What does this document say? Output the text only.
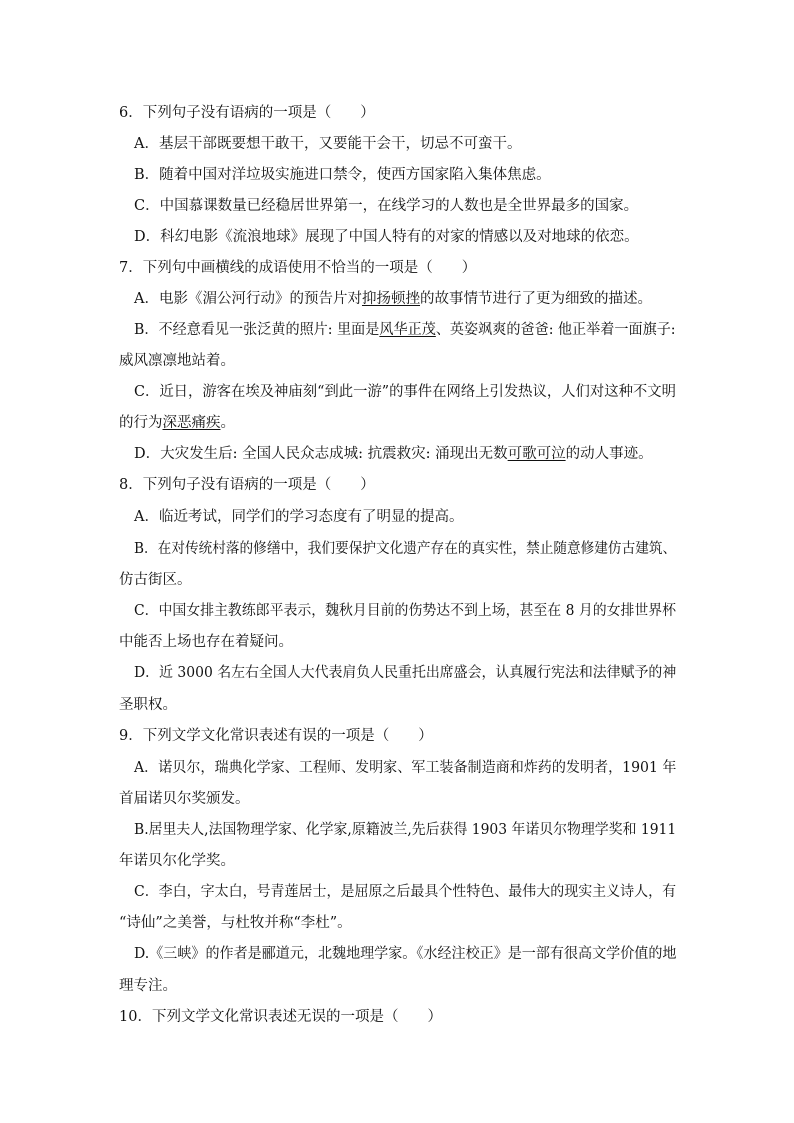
6．下列句子没有语病的一项是（　　）
A．基层干部既要想干敢干，又要能干会干，切忌不可蛮干。
B．随着中国对洋垃圾实施进口禁令，使西方国家陷入集体焦虑。
C．中国慕课数量已经稳居世界第一，在线学习的人数也是全世界最多的国家。
D．科幻电影《流浪地球》展现了中国人特有的对家的情感以及对地球的依恋。
7．下列句中画横线的成语使用不恰当的一项是（　　）
A．电影《湄公河行动》的预告片对抑扬顿挫的故事情节进行了更为细致的描述。
B．不经意看见一张泛黄的照片: 里面是风华正茂、英姿飒爽的爸爸: 他正举着一面旗子:
威风凛凛地站着。
C．近日，游客在埃及神庙刻“到此一游”的事件在网络上引发热议，人们对这种不文明
的行为深恶痛疾。
D．大灾发生后: 全国人民众志成城: 抗震救灾: 涌现出无数可歌可泣的动人事迹。
8．下列句子没有语病的一项是（　　）
A．临近考试，同学们的学习态度有了明显的提高。
B．在对传统村落的修缮中，我们要保护文化遗产存在的真实性，禁止随意修建仿古建筑、
仿古街区。
C．中国女排主教练郎平表示，魏秋月目前的伤势达不到上场，甚至在 8 月的女排世界杯
中能否上场也存在着疑问。
D．近 3000 名左右全国人大代表肩负人民重托出席盛会，认真履行宪法和法律赋予的神
圣职权。
9．下列文学文化常识表述有误的一项是（　　）
A．诺贝尔，瑞典化学家、工程师、发明家、军工装备制造商和炸药的发明者，1901 年
首届诺贝尔奖颁发。
B.居里夫人,法国物理学家、化学家,原籍波兰,先后获得 1903 年诺贝尔物理学奖和 1911
年诺贝尔化学奖。
C．李白，字太白，号青莲居士，是屈原之后最具个性特色、最伟大的现实主义诗人，有
“诗仙”之美誉，与杜牧并称“李杜”。
D.《三峡》的作者是郦道元，北魏地理学家。《水经注校正》是一部有很高文学价值的地
理专注。
10．下列文学文化常识表述无误的一项是（　　）
